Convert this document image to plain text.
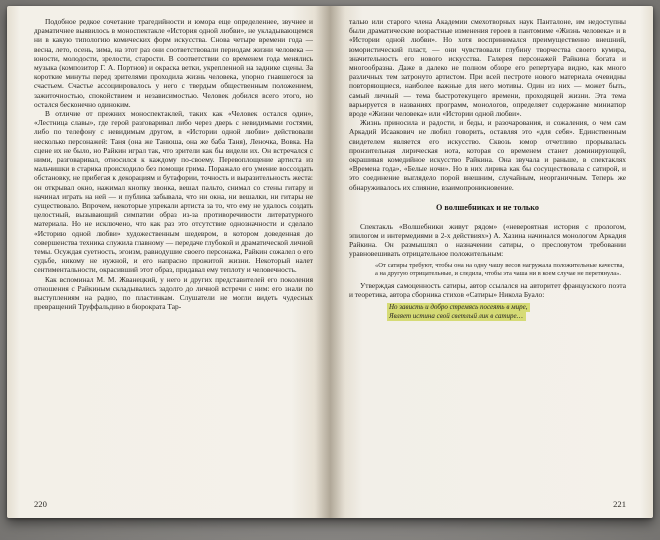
Подобное редкое сочетание трагедийности и юмора еще определеннее, звучнее и драматичнее выявилось в моноспектакле «История одной любви», не укладывающемся ни в какую типологию комических форм искусства. Снова четыре времени года — весна, лето, осень, зима, на этот раз они соответствовали периодам жизни человека — юности, молодости, зрелости, старости. В соответствии со временем года менялись музыка (композитор Г. А. Портнов) и окраска ветки, укрепленной на заднике сцены. За короткие минуты перед зрителями проходила жизнь человека, упорно гнавшегося за счастьем. Счастье ассоциировалось у него с твердым общественным положением, зажиточностью, спокойствием и независимостью. Человек добился всего этого, но остался бесконечно одиноким.

В отличие от прежних моноспектаклей, таких как «Человек остался один», «Лестница славы», где герой разговаривал либо через дверь с невидимыми гостями, либо по телефону с невидимым другом, в «Истории одной любви» действовали несколько персонажей: Таня (она же Танюша, она же баба Таня), Леночка, Вовка. На сцене их не было, но Райкин играл так, что зрители как бы видели их. Он встречался с ними, разговаривал, относился к каждому по-своему. Перевоплощение артиста из мальчишки в старика происходило без помощи грима. Поражало его умение воссоздать обстановку, не прибегая к декорациям и бутафории, точность и выразительность жеста: он открывал окно, нажимал кнопку звонка, вешал пальто, снимал со стены гитару и начинал играть на ней — и публика забывала, что ни окна, ни вешалки, ни гитары не существовало. Впрочем, некоторые упрекали артиста за то, что ему не удалось создать целостный, вызывающий симпатии образ из-за противоречивости литературного материала. Но не исключено, что как раз это отсутствие однозначности и сделало «Историю одной любви» художественным шедевром, в котором доведенная до совершенства техника служила главному — передаче глубокой и драматической личной темы. Осуждая суетность, эгоизм, равнодушие своего персонажа, Райкин сожалел о его судьбе, никому не нужной, и его напрасно прожитой жизни. Некоторый налет сентиментальности, окрасивший этот образ, придавал ему теплоту и человечность.

Как вспоминал М. М. Жванецкий, у него и других представителей его поколения отношения с Райкиным складывались задолго до личной встречи с ним: его знали по выступлениям на радио, по пластинкам. Слушатели не могли видеть чудесных превращений Труффальдино в бюрократа Тар-

220

талью или старого члена Академии смехотворных наук Панталоне, им недоступны были драматические возрастные изменения героев в пантомиме «Жизнь человека» и в «Истории одной любви». Но хотя воспринимался преимущественно внешний, юмористический пласт, — они чувствовали глубину творчества своего кумира, значительность его нового искусства. Галерея персонажей Райкина богата и многообразна. Даже в далеко не полном обзоре его репертуара видно, как много различных тем затронуто артистом. При всей пестроте нового материала очевидны повторяющиеся, наиболее важные для него мотивы. Один из них — может быть, самый личный — тема быстротекущего времени, проходящей жизни. Эта тема варьируется в названиях программ, монологов, определяет содержание миниатюр вроде «Жизни человека» или «Истории одной любви».

Жизнь приносила и радости, и беды, и разочарования, и сожаления, о чем сам Аркадий Исаакович не любил говорить, оставляя это «для себя». Единственным свидетелем является его искусство. Сквозь юмор отчетливо прорывалась пронзительная лирическая нота, которая со временем станет доминирующей, окрашивая комедийное искусство Райкина. Она звучала и раньше, в спектаклях «Времена года», «Белые ночи». Но в них лирика как бы сосуществовала с сатирой, и это соединение выглядело порой внешним, случайным, неорганичным. Теперь же обнаруживалось их слияние, взаимопроникновение.

О волшебниках и не только

Спектакль «Волшебники живут рядом» («невероятная история с прологом, эпилогом и интермедиями в 2-х действиях») А. Хазина начинался монологом Аркадия Райкина. Он размышлял о назначении сатиры, о пресловутом требовании уравновешивать отрицательное положительным:

«От сатиры требуют, чтобы она на одну чашу весов нагружала положительные качества, а на другую отрицательные, и следила, чтобы эта чаша ни в коем случае не перетянула».

Утверждая самоценность сатиры, автор ссылался на авторитет французского поэта и теоретика, автора сборника стихов «Сатиры» Никола Буало:

Но зависть и добро стремясь посеять в мире,
Являет истина свой светлый лик в сатире…
221
